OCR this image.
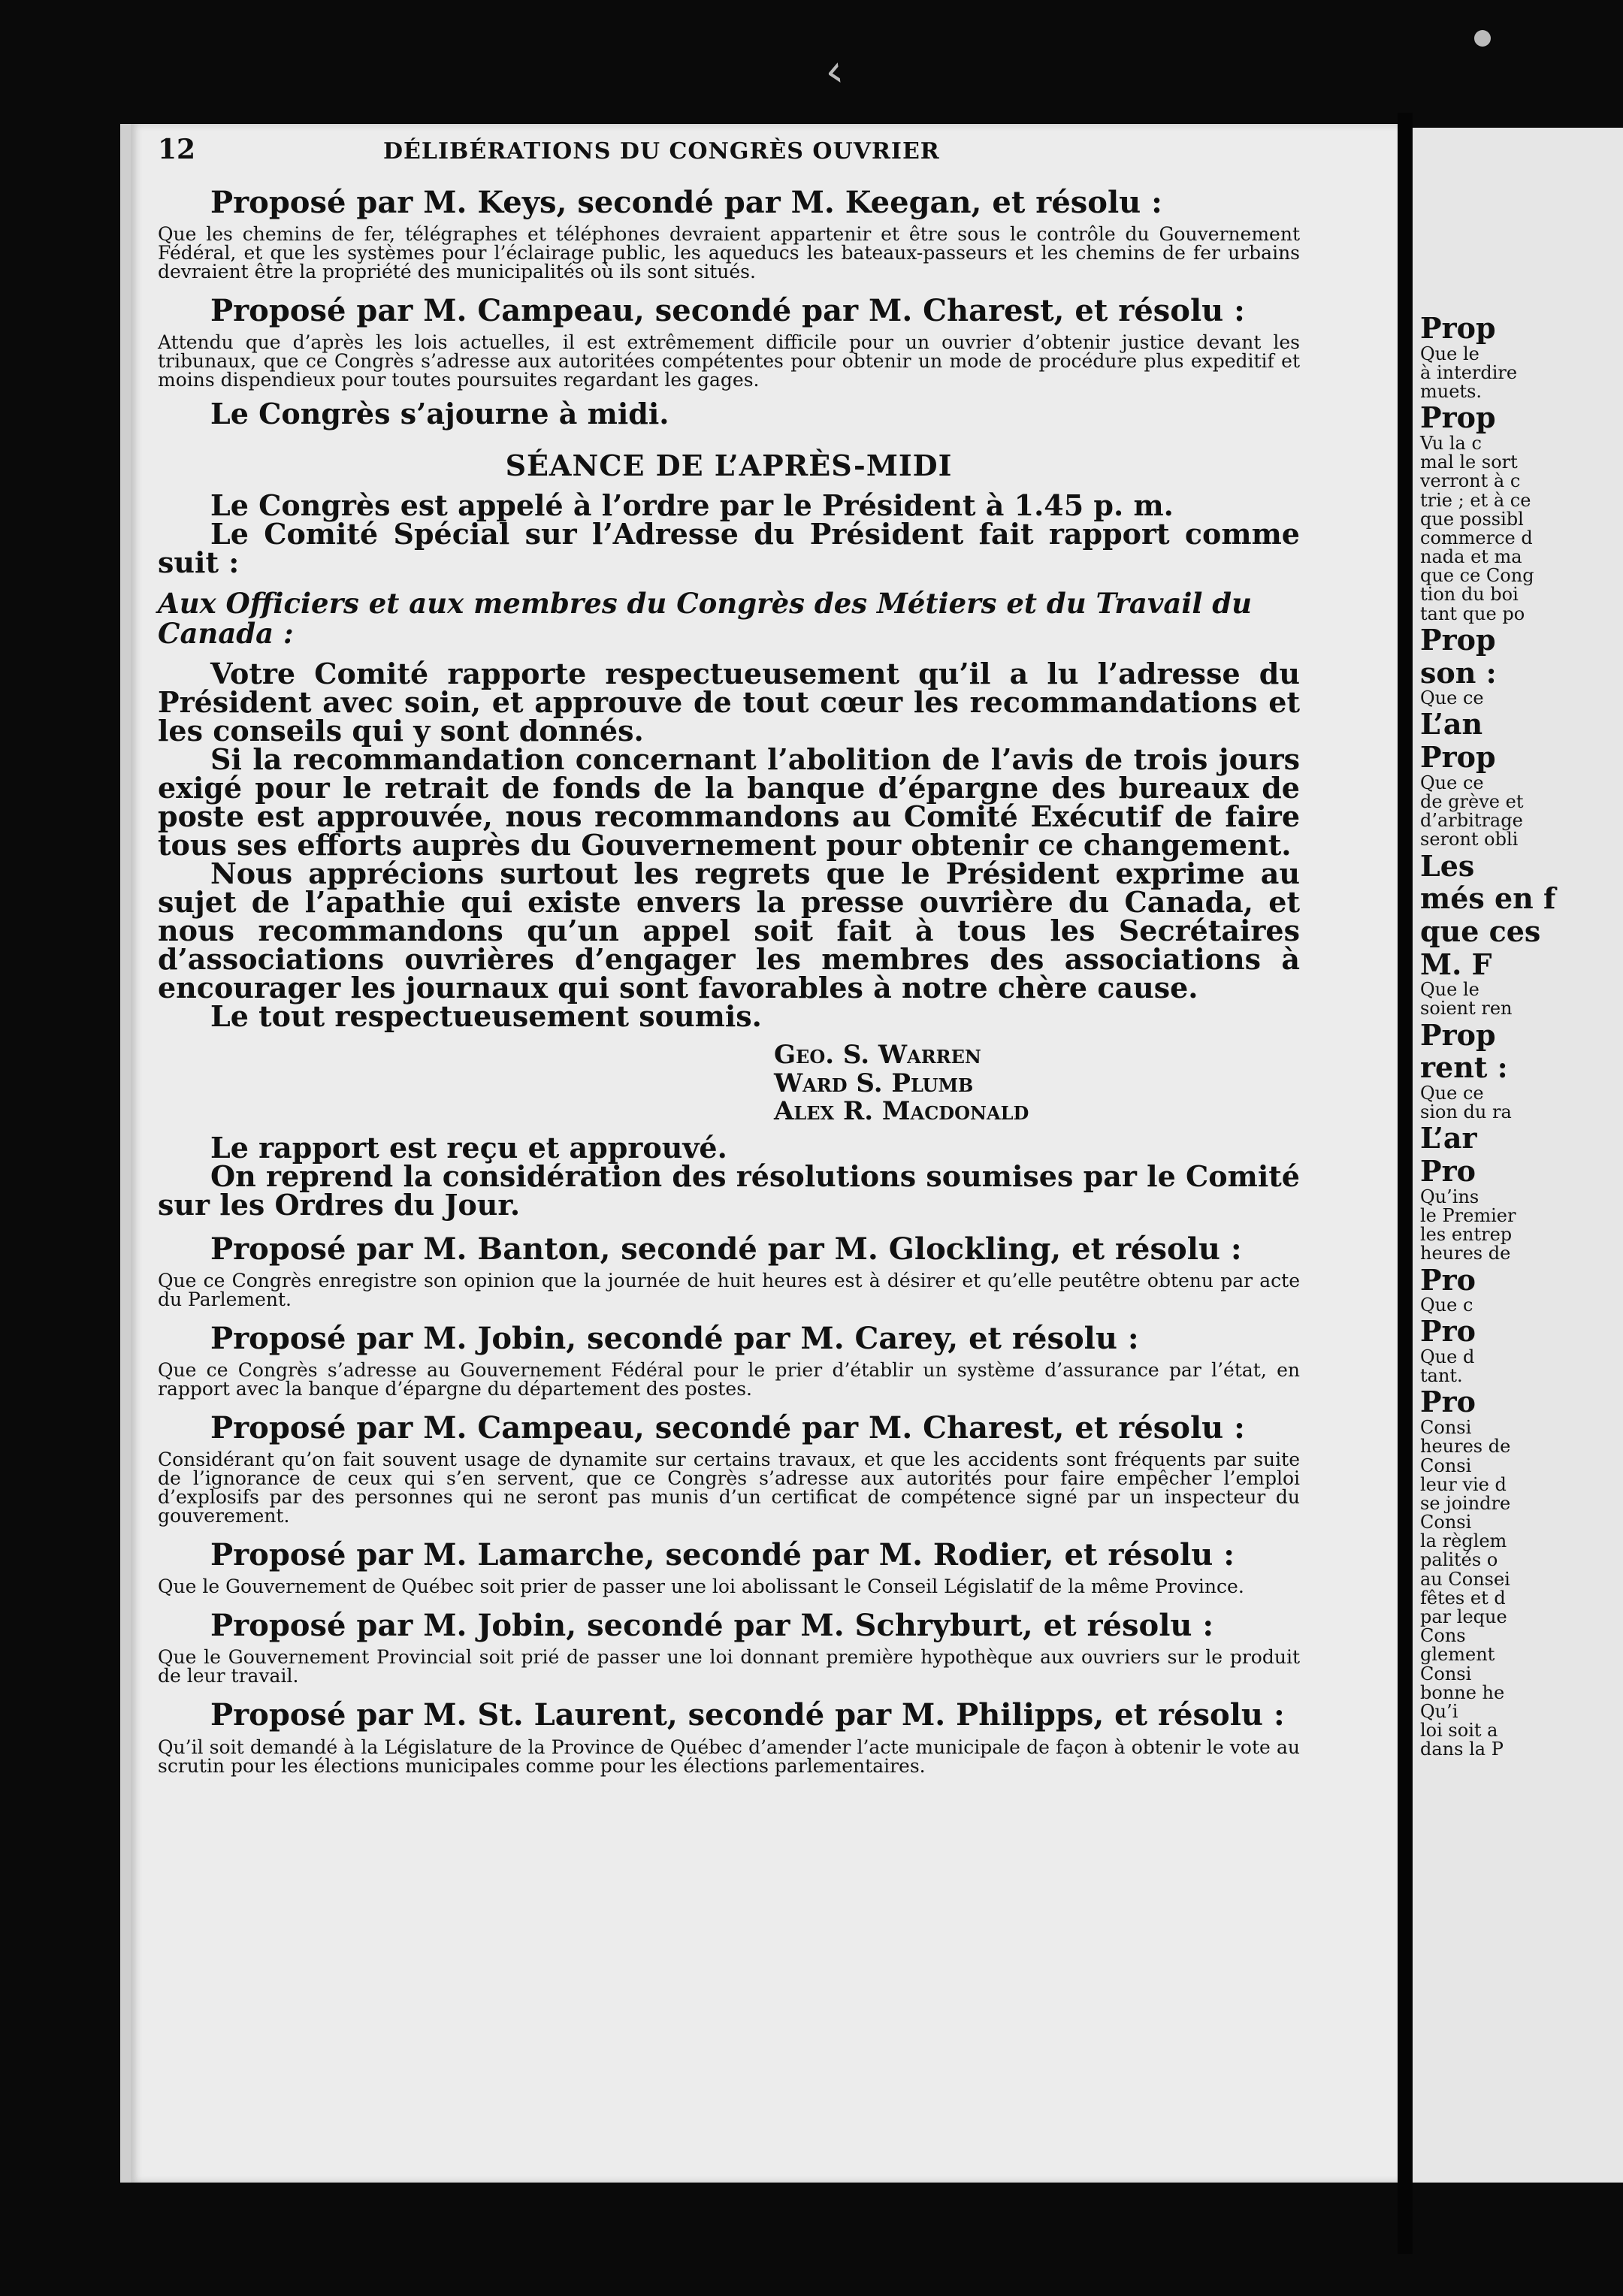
‹
Prop
Que le
à interdire
muets.
Prop
Vu la c
mal le sort
verront à c
trie ; et à ce
que possibl
commerce d
nada et ma
que ce Cong
tion du boi
tant que po
Prop
son :
Que ce
L’an
Prop
Que ce
de grève et
d’arbitrage
seront obli
Les
més en f
que ces
M. F
Que le
soient ren
Prop
rent :
Que ce
sion du ra
L’ar
Pro
Qu’ins
le Premier
les entrep
heures de
Pro
Que c
Pro
Que d
tant.
Pro
Consi
heures de
Consi
leur vie d
se joindre
Consi
la règlem
palités o
au Consei
fêtes et d
par leque
Cons
glement
Consi
bonne he
Qu’i
loi soit a
dans la P
12	DÉLIBÉRATIONS DU CONGRÈS OUVRIER
Proposé par M. Keys, secondé par M. Keegan, et résolu :
Que les chemins de fer, télégraphes et téléphones devraient appartenir et être sous le contrôle du Gouvernement Fédéral, et que les systèmes pour l’éclairage public, les aqueducs les bateaux-passeurs et les chemins de fer urbains devraient être la propriété des municipalités où ils sont situés.
Proposé par M. Campeau, secondé par M. Charest, et résolu :
Attendu que d’après les lois actuelles, il est extrêmement difficile pour un ouvrier d’obtenir justice devant les tribunaux, que ce Congrès s’adresse aux autoritées compétentes pour obtenir un mode de procédure plus expeditif et moins dispendieux pour toutes poursuites regardant les gages.
Le Congrès s’ajourne à midi.
SÉANCE DE L’APRÈS-MIDI
Le Congrès est appelé à l’ordre par le Président à 1.45 p. m.
Le Comité Spécial sur l’Adresse du Président fait rapport comme suit :
Aux Officiers et aux membres du Congrès des Métiers et du Travail du Canada :
Votre Comité rapporte respectueusement qu’il a lu l’adresse du Président avec soin, et approuve de tout cœur les recommandations et les conseils qui y sont donnés.
Si la recommandation concernant l’abolition de l’avis de trois jours exigé pour le retrait de fonds de la banque d’épargne des bureaux de poste est approuvée, nous recommandons au Comité Exécutif de faire tous ses efforts auprès du Gouvernement pour obtenir ce changement.
Nous apprécions surtout les regrets que le Président exprime au sujet de l’apathie qui existe envers la presse ouvrière du Canada, et nous recommandons qu’un appel soit fait à tous les Secrétaires d’associations ouvrières d’engager les membres des associations à encourager les journaux qui sont favorables à notre chère cause.
Le tout respectueusement soumis.
Geo. S. Warren
Ward S. Plumb
Alex R. Macdonald
Le rapport est reçu et approuvé.
On reprend la considération des résolutions soumises par le Comité sur les Ordres du Jour.
Proposé par M. Banton, secondé par M. Glockling, et résolu :
Que ce Congrès enregistre son opinion que la journée de huit heures est à désirer et qu’elle peutêtre obtenu par acte du Parlement.
Proposé par M. Jobin, secondé par M. Carey, et résolu :
Que ce Congrès s’adresse au Gouvernement Fédéral pour le prier d’établir un système d’assurance par l’état, en rapport avec la banque d’épargne du département des postes.
Proposé par M. Campeau, secondé par M. Charest, et résolu :
Considérant qu’on fait souvent usage de dynamite sur certains travaux, et que les accidents sont fréquents par suite de l’ignorance de ceux qui s’en servent, que ce Congrès s’adresse aux autorités pour faire empêcher l’emploi d’explosifs par des personnes qui ne seront pas munis d’un certificat de compétence signé par un inspecteur du gouverement.
Proposé par M. Lamarche, secondé par M. Rodier, et résolu :
Que le Gouvernement de Québec soit prier de passer une loi abolissant le Conseil Législatif de la même Province.
Proposé par M. Jobin, secondé par M. Schryburt, et résolu :
Que le Gouvernement Provincial soit prié de passer une loi donnant première hypothèque aux ouvriers sur le produit de leur travail.
Proposé par M. St. Laurent, secondé par M. Philipps, et résolu :
Qu’il soit demandé à la Législature de la Province de Québec d’amender l’acte municipale de façon à obtenir le vote au scrutin pour les élections municipales comme pour les élections parlementaires.
